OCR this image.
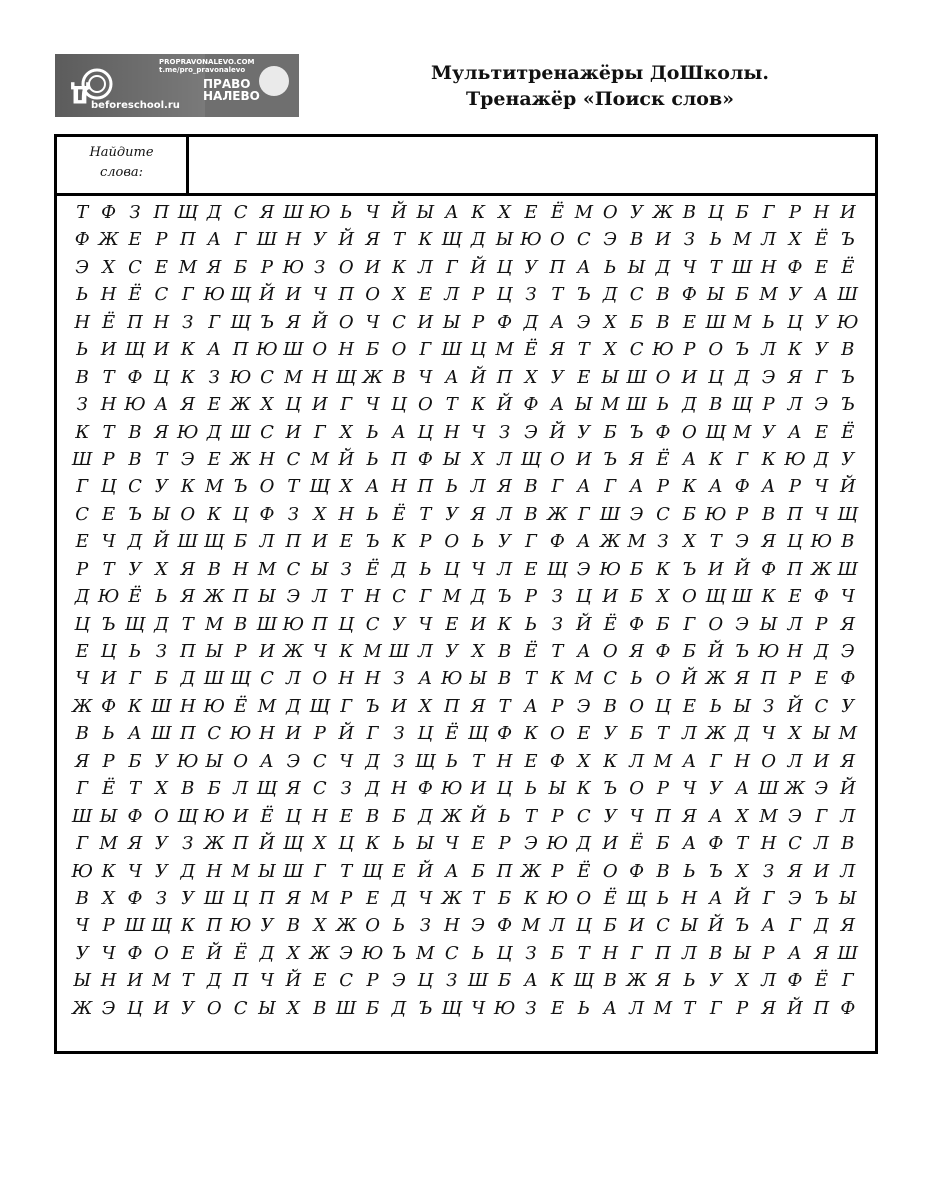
Д
PROPRAVONALEVO.COM
t.me/pro_pravonalevo
beforeschool.ru
ПРАВО
НАЛЕВО
Мультитренажёры ДоШколы.
Тренажёр «Поиск слов»
Найдите
слова:
Т Ф З П Щ Д С Я Ш Ю Ь Ч Й Ы А К Х Е Ё М О У Ж В Ц Б Г Р Н И
Ф Ж Е Р П А Г Ш Н У Й Я Т К Щ Д Ы Ю О С Э В И З Ь М Л Х Ё Ъ
Э Х С Е М Я Б Р Ю З О И К Л Г Й Ц У П А Ь Ы Д Ч Т Ш Н Ф Е Ё
Ь Н Ё С Г Ю Щ Й И Ч П О Х Е Л Р Ц З Т Ъ Д С В Ф Ы Б М У А Ш
Н Ё П Н З Г Щ Ъ Я Й О Ч С И Ы Р Ф Д А Э Х Б В Е Ш М Ь Ц У Ю
Ь И Щ И К А П Ю Ш О Н Б О Г Ш Ц М Ё Я Т Х С Ю Р О Ъ Л К У В
В Т Ф Ц К З Ю С М Н Щ Ж В Ч А Й П Х У Е Ы Ш О И Ц Д Э Я Г Ъ
З Н Ю А Я Е Ж Х Ц И Г Ч Ц О Т К Й Ф А Ы М Ш Ь Д В Щ Р Л Э Ъ
К Т В Я Ю Д Ш С И Г Х Ь А Ц Н Ч З Э Й У Б Ъ Ф О Щ М У А Е Ё
Ш Р В Т Э Е Ж Н С М Й Ь П Ф Ы Х Л Щ О И Ъ Я Ё А К Г К Ю Д У
Г Ц С У К М Ъ О Т Щ Х А Н П Ь Л Я В Г А Г А Р К А Ф А Р Ч Й
С Е Ъ Ы О К Ц Ф З Х Н Ь Ё Т У Я Л В Ж Г Ш Э С Б Ю Р В П Ч Щ
Е Ч Д Й Ш Щ Б Л П И Е Ъ К Р О Ь У Г Ф А Ж М З Х Т Э Я Ц Ю В
Р Т У Х Я В Н М С Ы З Ё Д Ь Ц Ч Л Е Щ Э Ю Б К Ъ И Й Ф П Ж Ш
Д Ю Ё Ь Я Ж П Ы Э Л Т Н С Г М Д Ъ Р З Ц И Б Х О Щ Ш К Е Ф Ч
Ц Ъ Щ Д Т М В Ш Ю П Ц С У Ч Е И К Ь З Й Ё Ф Б Г О Э Ы Л Р Я
Е Ц Ь З П Ы Р И Ж Ч К М Ш Л У Х В Ё Т А О Я Ф Б Й Ъ Ю Н Д Э
Ч И Г Б Д Ш Щ С Л О Н Н З А Ю Ы В Т К М С Ь О Й Ж Я П Р Е Ф
Ж Ф К Ш Н Ю Ё М Д Щ Г Ъ И Х П Я Т А Р Э В О Ц Е Ь Ы З Й С У
В Ь А Ш П С Ю Н И Р Й Г З Ц Ё Щ Ф К О Е У Б Т Л Ж Д Ч Х Ы М
Я Р Б У Ю Ы О А Э С Ч Д З Щ Ь Т Н Е Ф Х К Л М А Г Н О Л И Я
Г Ё Т Х В Б Л Щ Я С З Д Н Ф Ю И Ц Ь Ы К Ъ О Р Ч У А Ш Ж Э Й
Ш Ы Ф О Щ Ю И Ё Ц Н Е В Б Д Ж Й Ь Т Р С У Ч П Я А Х М Э Г Л
Г М Я У З Ж П Й Щ Х Ц К Ь Ы Ч Е Р Э Ю Д И Ё Б А Ф Т Н С Л В
Ю К Ч У Д Н М Ы Ш Г Т Щ Е Й А Б П Ж Р Ё О Ф В Ь Ъ Х З Я И Л
В Х Ф З У Ш Ц П Я М Р Е Д Ч Ж Т Б К Ю О Ё Щ Ь Н А Й Г Э Ъ Ы
Ч Р Ш Щ К П Ю У В Х Ж О Ь З Н Э Ф М Л Ц Б И С Ы Й Ъ А Г Д Я
У Ч Ф О Е Й Ё Д Х Ж Э Ю Ъ М С Ь Ц З Б Т Н Г П Л В Ы Р А Я Ш
Ы Н И М Т Д П Ч Й Е С Р Э Ц З Ш Б А К Щ В Ж Я Ь У Х Л Ф Ё Г
Ж Э Ц И У О С Ы Х В Ш Б Д Ъ Щ Ч Ю З Е Ь А Л М Т Г Р Я Й П Ф
